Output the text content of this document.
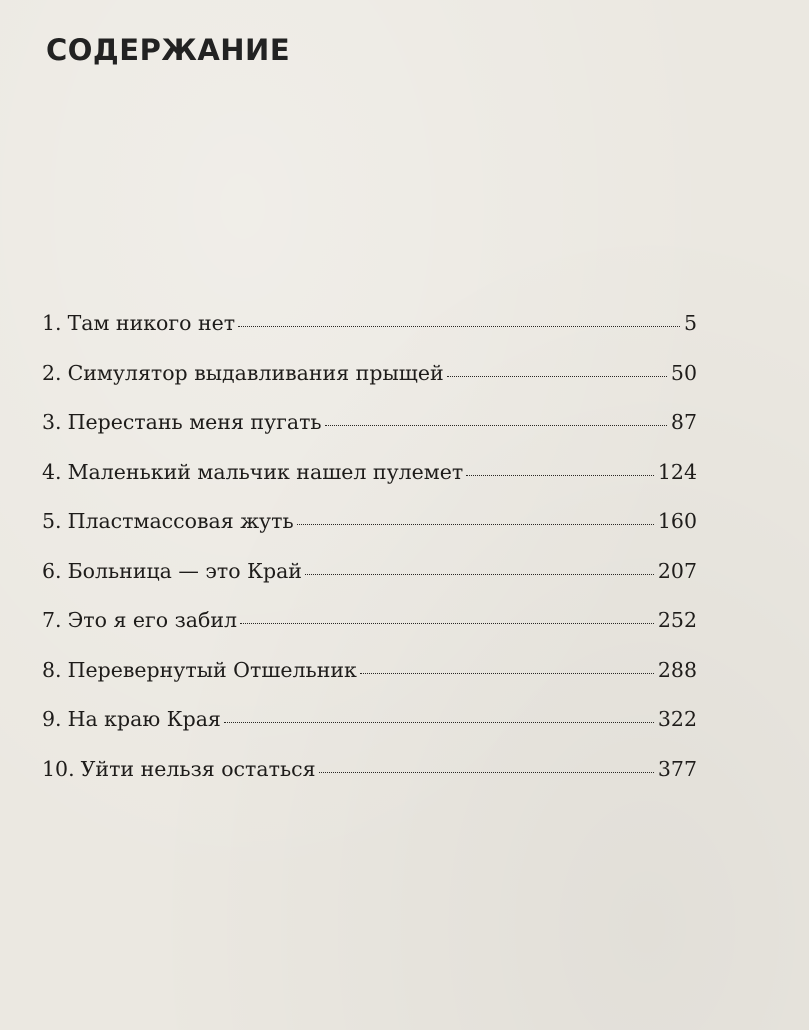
СОДЕРЖАНИЕ
1. Там никого нет	5
2. Симулятор выдавливания прыщей	50
3. Перестань меня пугать	87
4. Маленький мальчик нашел пулемет	124
5. Пластмассовая жуть	160
6. Больница — это Край	207
7. Это я его забил	252
8. Перевернутый Отшельник	288
9. На краю Края	322
10. Уйти нельзя остаться	377
